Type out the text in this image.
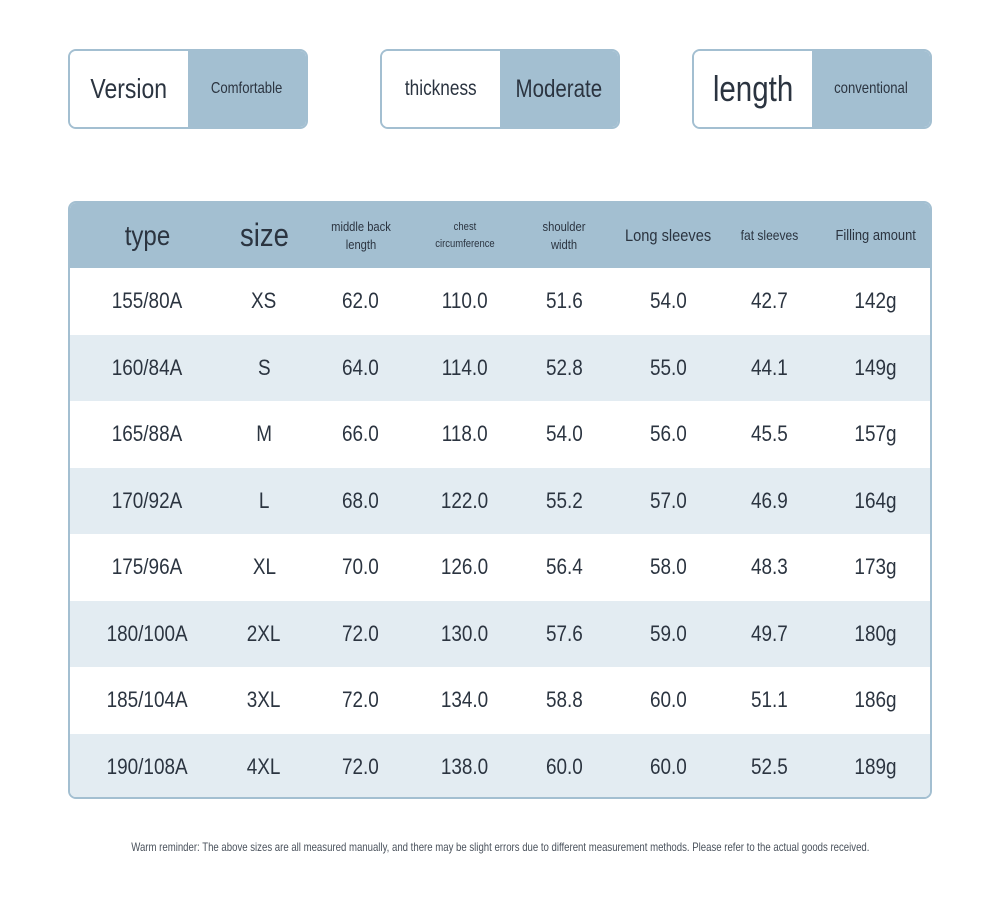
Version	Comfortable	thickness Moderate	length	conventional
type	size	middle back length	chest circumference	shoulder width	Long sleeves	fat sleeves	Filling amount
155/80A	XS	62.0	110.0	51.6	54.0	42.7	142g
160/84A	S	64.0	114.0	52.8	55.0	44.1	149g
165/88A	M	66.0	118.0	54.0	56.0	45.5	157g
170/92A	L	68.0	122.0	55.2	57.0	46.9	164g
175/96A	XL	70.0	126.0	56.4	58.0	48.3	173g
180/100A	2XL	72.0	130.0	57.6	59.0	49.7	180g
185/104A	3XL	72.0	134.0	58.8	60.0	51.1	186g
190/108A	4XL	72.0	138.0	60.0	60.0	52.5	189g
Warm reminder: The above sizes are all measured manually, and there may be slight errors due to different measurement methods. Please refer to the actual goods received.
